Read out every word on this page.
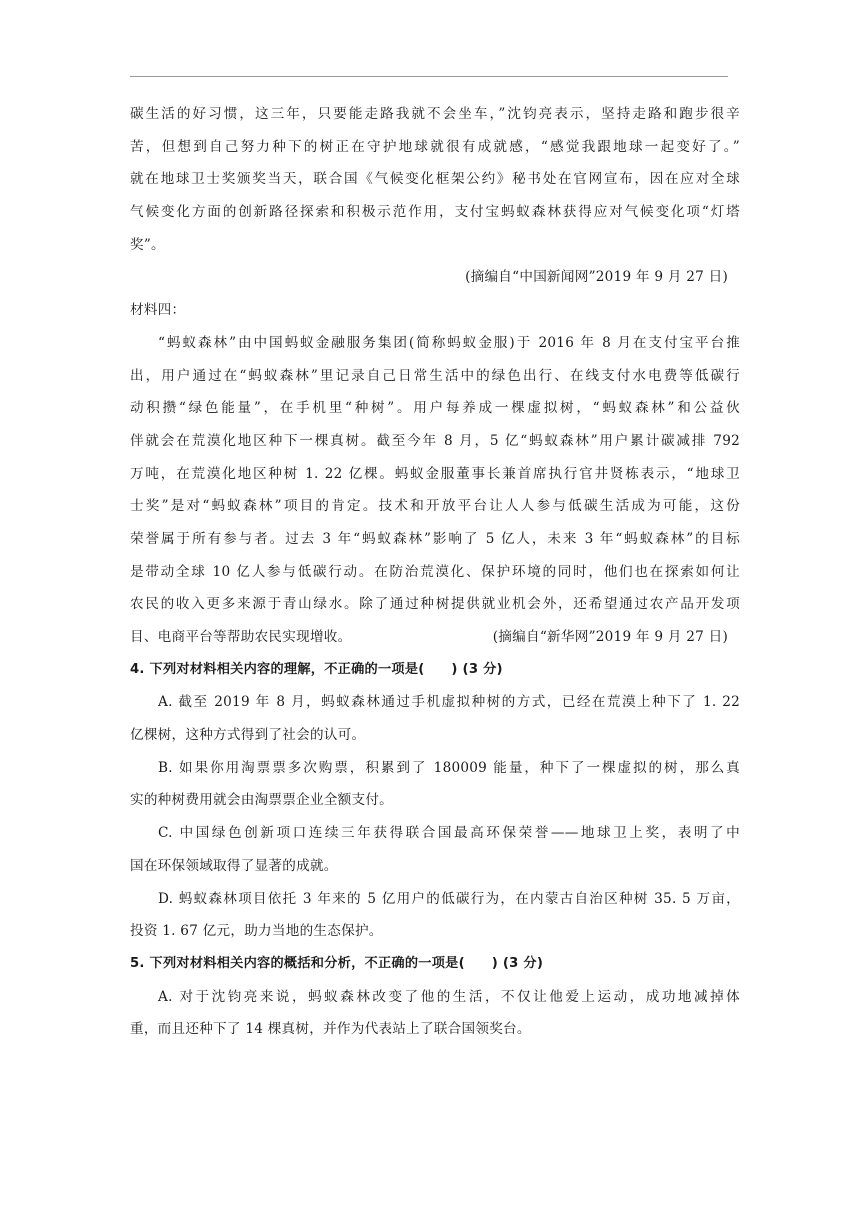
碳生活的好习惯，这三年，只要能走路我就不会坐车，”沈钧亮表示，坚持走路和跑步很辛
苦，但想到自己努力种下的树正在守护地球就很有成就感，“感觉我跟地球一起变好了。”
就在地球卫士奖颁奖当天，联合国《气候变化框架公约》秘书处在官网宣布，因在应对全球
气候变化方面的创新路径探索和积极示范作用，支付宝蚂蚁森林获得应对气候变化项“灯塔
奖”。
(摘编自“中国新闻网”2019 年 9 月 27 日)
材料四：
“蚂蚁森林”由中国蚂蚁金融服务集团(简称蚂蚁金服)于 2016 年 8 月在支付宝平台推
出，用户通过在“蚂蚁森林”里记录自己日常生活中的绿色出行、在线支付水电费等低碳行
动积攒“绿色能量”，在手机里“种树”。用户每养成一棵虚拟树，“蚂蚁森林”和公益伙
伴就会在荒漠化地区种下一棵真树。截至今年 8 月，5 亿“蚂蚁森林”用户累计碳减排 792
万吨，在荒漠化地区种树 1. 22 亿棵。蚂蚁金服董事长兼首席执行官井贤栋表示，“地球卫
士奖”是对“蚂蚁森林”项目的肯定。技术和开放平台让人人参与低碳生活成为可能，这份
荣誉属于所有参与者。过去 3 年“蚂蚁森林”影响了 5 亿人，未来 3 年“蚂蚁森林”的目标
是带动全球 10 亿人参与低碳行动。在防治荒漠化、保护环境的同时，他们也在探索如何让
农民的收入更多来源于青山绿水。除了通过种树提供就业机会外，还希望通过农产品开发项
目、电商平台等帮助农民实现增收。	(摘编自“新华网”2019 年 9 月 27 日)
4. 下列对材料相关内容的理解，不正确的一项是(　　) (3 分)
A. 截至 2019 年 8 月，蚂蚁森林通过手机虚拟种树的方式，已经在荒漠上种下了 1. 22
亿棵树，这种方式得到了社会的认可。
B. 如果你用淘票票多次购票，积累到了 180009 能量，种下了一棵虚拟的树，那么真
实的种树费用就会由淘票票企业全额支付。
C. 中国绿色创新项口连续三年获得联合国最高环保荣誉——地球卫上奖，表明了中
国在环保领域取得了显著的成就。
D. 蚂蚁森林项目依托 3 年来的 5 亿用户的低碳行为，在内蒙古自治区种树 35. 5 万亩，
投资 1. 67 亿元，助力当地的生态保护。
5. 下列对材料相关内容的概括和分析，不正确的一项是(　　) (3 分)
A. 对于沈钧亮来说，蚂蚁森林改变了他的生活，不仅让他爱上运动，成功地减掉体
重，而且还种下了 14 棵真树，并作为代表站上了联合国领奖台。
